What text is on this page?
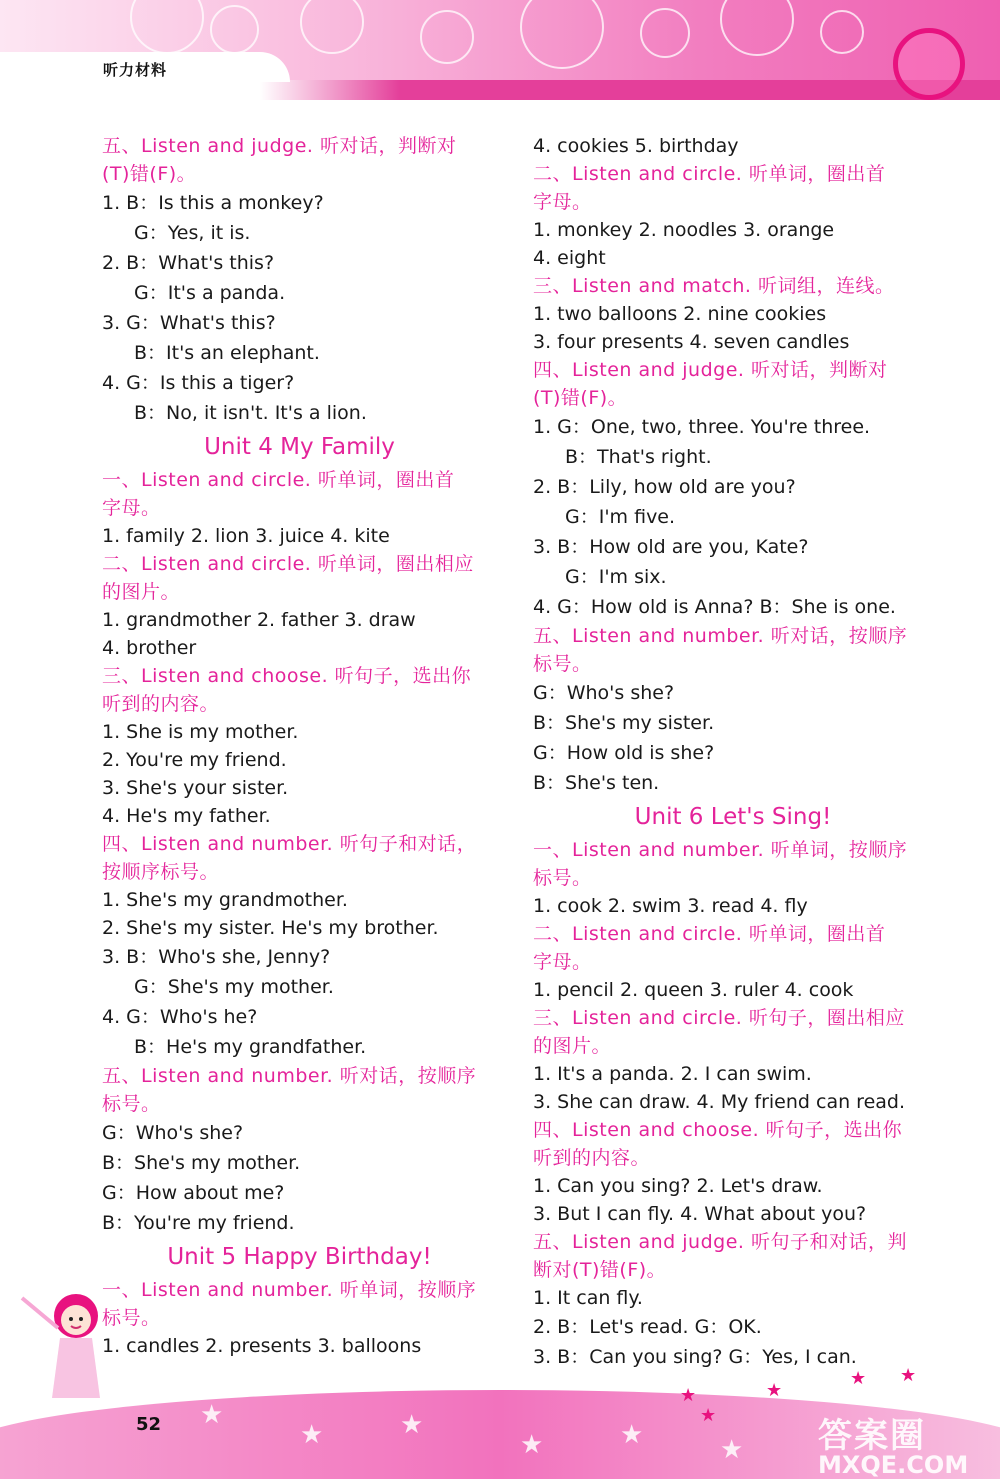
听力材料
五、Listen and judge. 听对话，判断对
(T)错(F)。
1. B：Is this a monkey?
G：Yes, it is.
2. B：What's this?
G：It's a panda.
3. G：What's this?
B：It's an elephant.
4. G：Is this a tiger?
B：No, it isn't. It's a lion.
Unit 4 My Family
一、Listen and circle. 听单词，圈出首
字母。
1. family 2. lion 3. juice 4. kite
二、Listen and circle. 听单词，圈出相应
的图片。
1. grandmother 2. father 3. draw
4. brother
三、Listen and choose. 听句子，选出你
听到的内容。
1. She is my mother.
2. You're my friend.
3. She's your sister.
4. He's my father.
四、Listen and number. 听句子和对话，
按顺序标号。
1. She's my grandmother.
2. She's my sister. He's my brother.
3. B：Who's she, Jenny?
G：She's my mother.
4. G：Who's he?
B：He's my grandfather.
五、Listen and number. 听对话，按顺序
标号。
G：Who's she?
B：She's my mother.
G：How about me?
B：You're my friend.
Unit 5 Happy Birthday!
一、Listen and number. 听单词，按顺序
标号。
1. candles 2. presents 3. balloons
4. cookies 5. birthday
二、Listen and circle. 听单词，圈出首
字母。
1. monkey 2. noodles 3. orange
4. eight
三、Listen and match. 听词组，连线。
1. two balloons 2. nine cookies
3. four presents 4. seven candles
四、Listen and judge. 听对话，判断对
(T)错(F)。
1. G：One, two, three. You're three.
B：That's right.
2. B：Lily, how old are you?
G：I'm five.
3. B：How old are you, Kate?
G：I'm six.
4. G：How old is Anna? B：She is one.
五、Listen and number. 听对话，按顺序
标号。
G：Who's she?
B：She's my sister.
G：How old is she?
B：She's ten.
Unit 6 Let's Sing!
一、Listen and number. 听单词，按顺序
标号。
1. cook 2. swim 3. read 4. fly
二、Listen and circle. 听单词，圈出首
字母。
1. pencil 2. queen 3. ruler 4. cook
三、Listen and circle. 听句子，圈出相应
的图片。
1. It's a panda. 2. I can swim.
3. She can draw. 4. My friend can read.
四、Listen and choose. 听句子，选出你
听到的内容。
1. Can you sing? 2. Let's draw.
3. But I can fly. 4. What about you?
五、Listen and judge. 听句子和对话，判
断对(T)错(F)。
1. It can fly.
2. B：Let's read. G：OK.
3. B：Can you sing? G：Yes, I can.
★
★	★
★	★	★
★
★
★
★ ★
52	答案圈
MXQE.COM
